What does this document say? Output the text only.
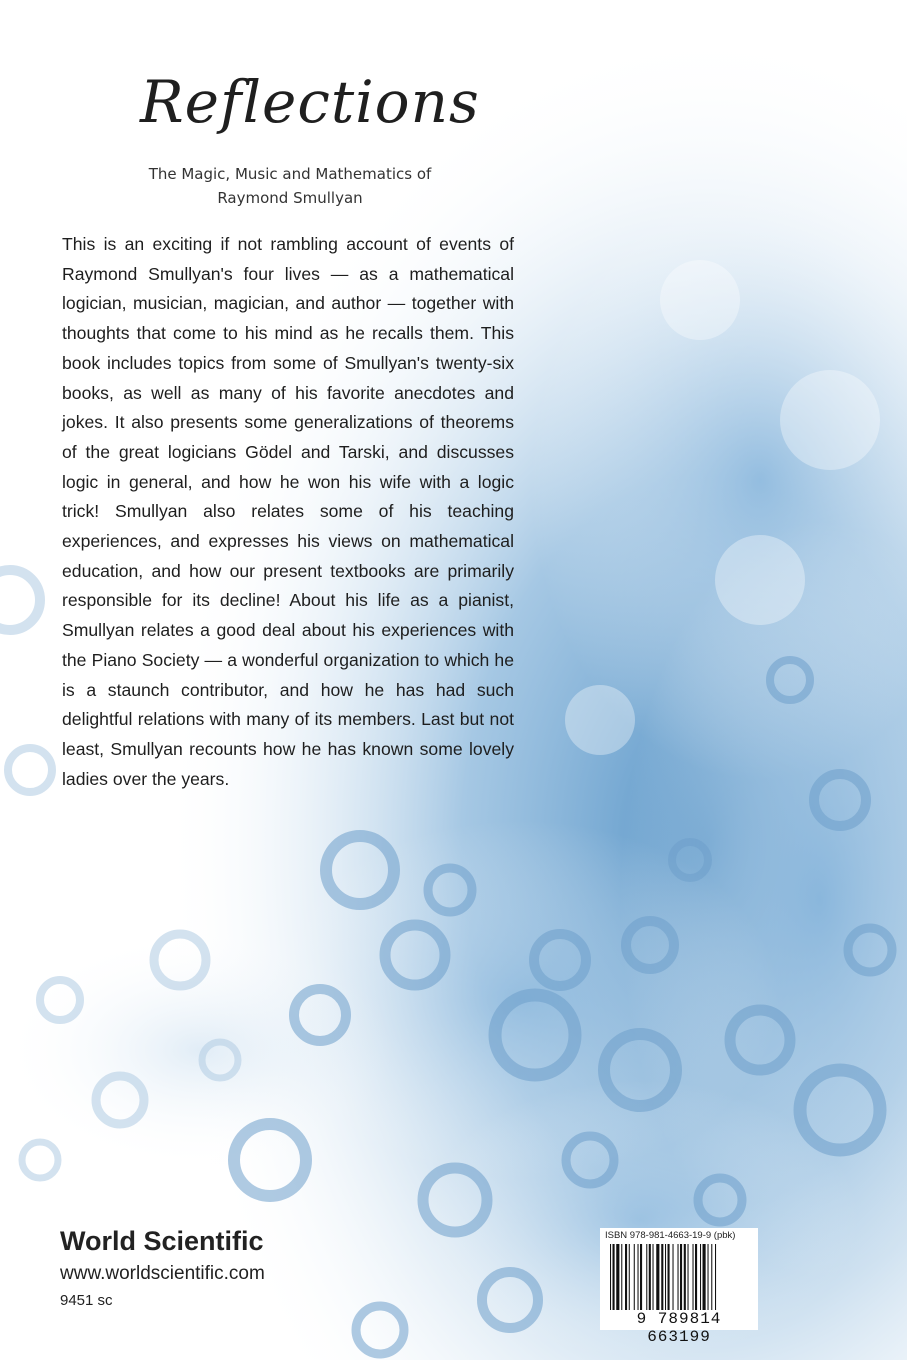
Reflections
The Magic, Music and Mathematics of
Raymond Smullyan

This is an exciting if not rambling account of events of Raymond Smullyan's four lives — as a mathematical logician, musician, magician, and author — together with thoughts that come to his mind as he recalls them. This book includes topics from some of Smullyan's twenty-six books, as well as many of his favorite anecdotes and jokes. It also presents some generalizations of theorems of the great logicians Gödel and Tarski, and discusses logic in general, and how he won his wife with a logic trick! Smullyan also relates some of his teaching experiences, and expresses his views on mathematical education, and how our present textbooks are primarily responsible for its decline! About his life as a pianist, Smullyan relates a good deal about his experiences with the Piano Society — a wonderful organization to which he is a staunch contributor, and how he has had such delightful relations with many of its members. Last but not least, Smullyan recounts how he has known some lovely ladies over the years.

World Scientific
www.worldscientific.com
9451 sc
ISBN 978-981-4663-19-9 (pbk)
9 789814 663199
